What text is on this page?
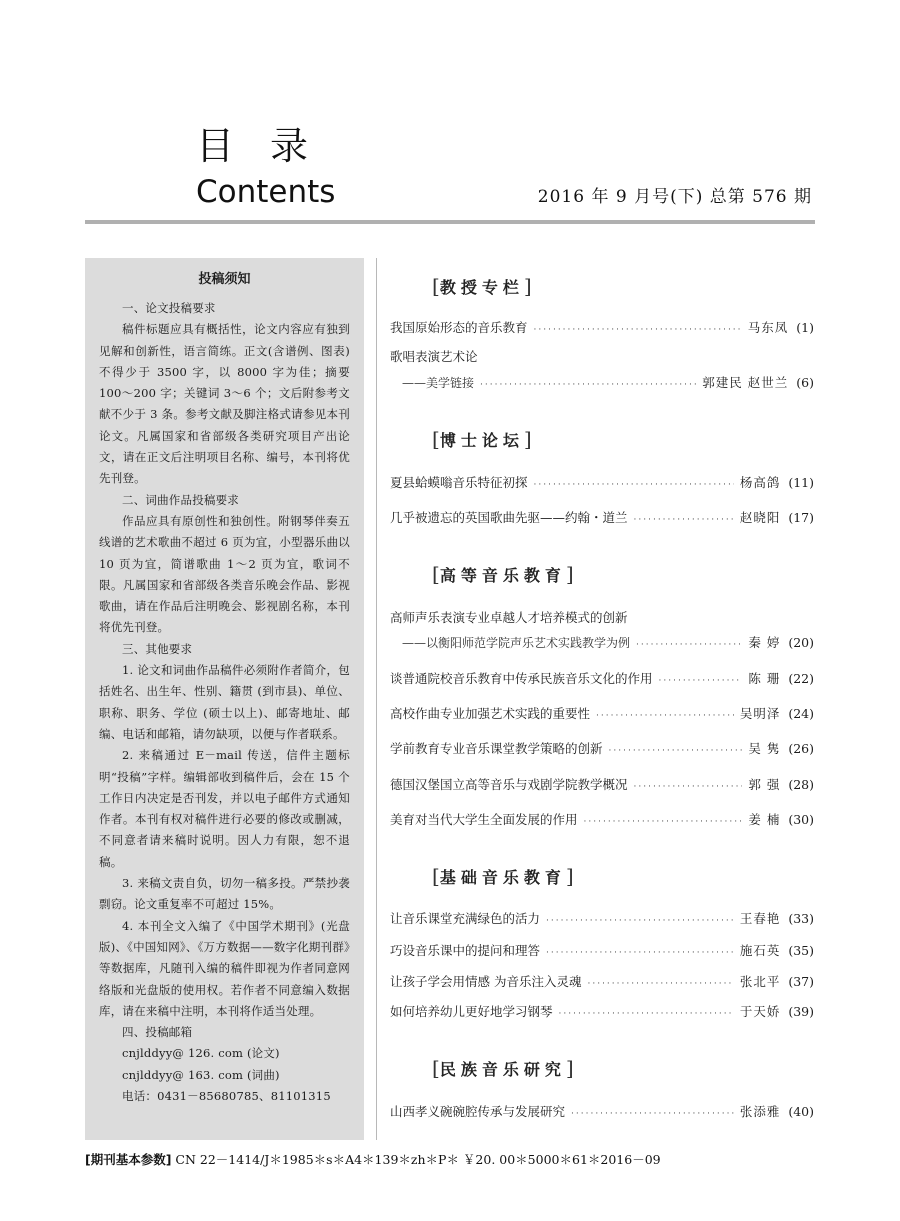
目录
Contents	2016 年 9 月号(下) 总第 576 期
投稿须知

一、论文投稿要求

稿件标题应具有概括性，论文内容应有独到见解和创新性，语言简练。正文(含谱例、图表) 不得少于 3500 字，以 8000 字为佳；摘要 100～200 字；关键词 3～6 个；文后附参考文献不少于 3 条。参考文献及脚注格式请参见本刊论文。凡属国家和省部级各类研究项目产出论文，请在正文后注明项目名称、编号，本刊将优先刊登。

二、词曲作品投稿要求

作品应具有原创性和独创性。附钢琴伴奏五线谱的艺术歌曲不超过 6 页为宜，小型器乐曲以 10 页为宜，简谱歌曲 1～2 页为宜，歌词不限。凡属国家和省部级各类音乐晚会作品、影视歌曲，请在作品后注明晚会、影视剧名称，本刊将优先刊登。

三、其他要求

1. 论文和词曲作品稿件必须附作者简介，包括姓名、出生年、性别、籍贯 (到市县)、单位、职称、职务、学位 (硕士以上)、邮寄地址、邮编、电话和邮箱，请勿缺项，以便与作者联系。

2. 来稿通过 E－mail 传送，信件主题标明“投稿”字样。编辑部收到稿件后，会在 15 个工作日内决定是否刊发，并以电子邮件方式通知作者。本刊有权对稿件进行必要的修改或删减，不同意者请来稿时说明。因人力有限，恕不退稿。

3. 来稿文责自负，切勿一稿多投。严禁抄袭剽窃。论文重复率不可超过 15%。

4. 本刊全文入编了《中国学术期刊》(光盘版)、《中国知网》、《万方数据——数字化期刊群》等数据库，凡随刊入编的稿件即视为作者同意网络版和光盘版的使用权。若作者不同意编入数据库，请在来稿中注明，本刊将作适当处理。

四、投稿邮箱

cnjlddyy@ 126. com (论文)

cnjlddyy@ 163. com (词曲)

电话：0431－85680785、81101315

[教授专栏]
我国原始形态的音乐教育 ·····	马东凤 (1)
歌唱表演艺术论
——美学链接 ·····	郭建民 赵世兰 (6)
[博士论坛]
夏县蛤蟆嗡音乐特征初探 ·····	杨高鸽 (11)
几乎被遗忘的英国歌曲先驱——约翰・道兰 ·····	赵晓阳 (17)
[高等音乐教育]
高师声乐表演专业卓越人才培养模式的创新
——以衡阳师范学院声乐艺术实践教学为例 ·····	秦 婷 (20)
谈普通院校音乐教育中传承民族音乐文化的作用 ·····	陈 珊 (22)
高校作曲专业加强艺术实践的重要性 ·····	吴明泽 (24)
学前教育专业音乐课堂教学策略的创新 ·····	吴 隽 (26)
德国汉堡国立高等音乐与戏剧学院教学概况 ·····	郭 强 (28)
美育对当代大学生全面发展的作用 ·····	姜 楠 (30)
[基础音乐教育]
让音乐课堂充满绿色的活力 ·····	王春艳 (33)
巧设音乐课中的提问和理答 ·····	施石英 (35)
让孩子学会用情感 为音乐注入灵魂 ·····	张北平 (37)
如何培养幼儿更好地学习钢琴 ·····	于天娇 (39)
[民族音乐研究]
山西孝义碗碗腔传承与发展研究 ·····	张添雅 (40)
[期刊基本参数] CN 22－1414/J＊1985＊s＊A4＊139＊zh＊P＊ ￥20. 00＊5000＊61＊2016－09
